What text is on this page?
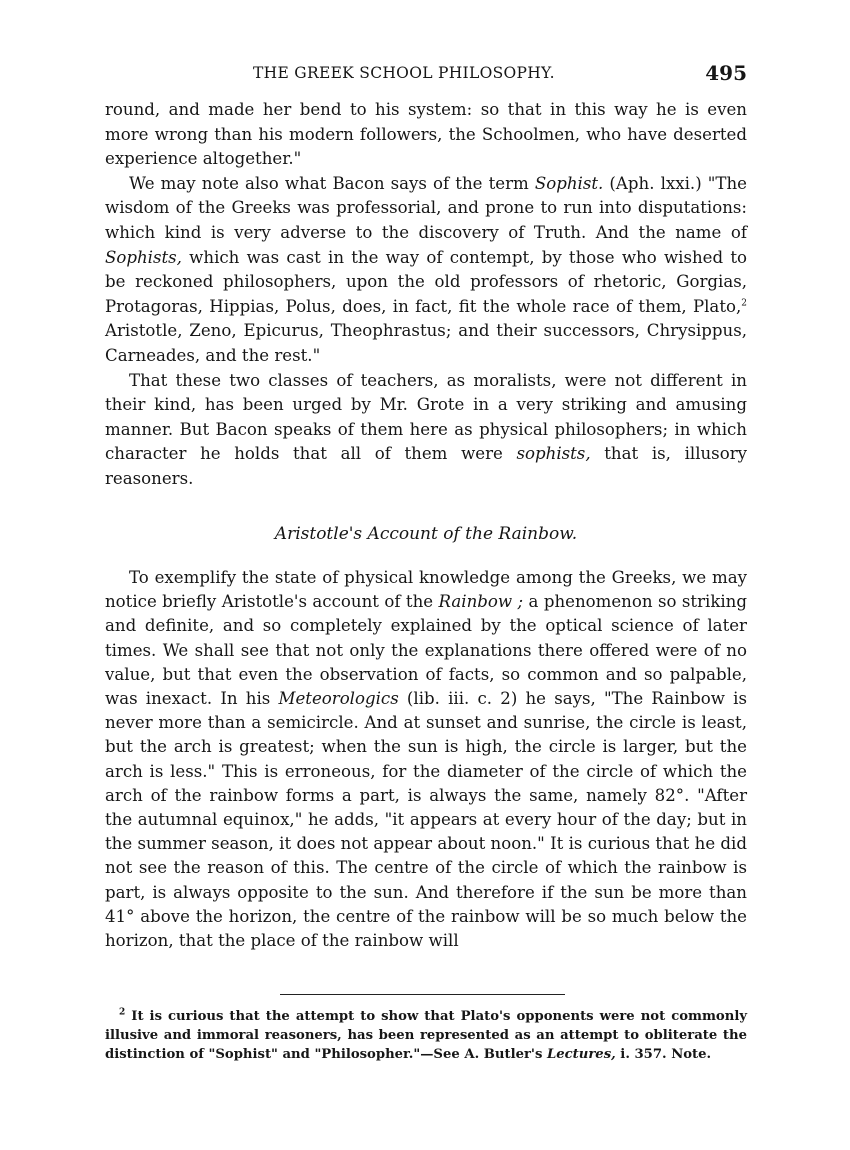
THE GREEK SCHOOL PHILOSOPHY.	495

round, and made her bend to his system: so that in this way he is even more wrong than his modern followers, the Schoolmen, who have deserted experience altogether."

We may note also what Bacon says of the term Sophist. (Aph. lxxi.) "The wisdom of the Greeks was professorial, and prone to run into disputations: which kind is very adverse to the discovery of Truth. And the name of Sophists, which was cast in the way of contempt, by those who wished to be reckoned philosophers, upon the old professors of rhetoric, Gorgias, Protagoras, Hippias, Polus, does, in fact, fit the whole race of them, Plato,$^2$ Aristotle, Zeno, Epicurus, Theophrastus; and their successors, Chrysippus, Carneades, and the rest."

That these two classes of teachers, as moralists, were not different in their kind, has been urged by Mr. Grote in a very striking and amusing manner. But Bacon speaks of them here as physical philosophers; in which character he holds that all of them were sophists, that is, illusory reasoners.

Aristotle's Account of the Rainbow.

To exemplify the state of physical knowledge among the Greeks, we may notice briefly Aristotle's account of the Rainbow ; a phenomenon so striking and definite, and so completely explained by the optical science of later times. We shall see that not only the explanations there offered were of no value, but that even the observation of facts, so common and so palpable, was inexact. In his Meteorologics (lib. iii. c. 2) he says, "The Rainbow is never more than a semicircle. And at sunset and sunrise, the circle is least, but the arch is greatest; when the sun is high, the circle is larger, but the arch is less." This is erroneous, for the diameter of the circle of which the arch of the rainbow forms a part, is always the same, namely 82°. "After the autumnal equinox," he adds, "it appears at every hour of the day; but in the summer season, it does not appear about noon." It is curious that he did not see the reason of this. The centre of the circle of which the rainbow is part, is always opposite to the sun. And therefore if the sun be more than 41° above the horizon, the centre of the rainbow will be so much below the horizon, that the place of the rainbow will

$^2$ It is curious that the attempt to show that Plato's opponents were not commonly illusive and immoral reasoners, has been represented as an attempt to obliterate the distinction of "Sophist" and "Philosopher."—See A. Butler's Lectures, i. 357. Note.
